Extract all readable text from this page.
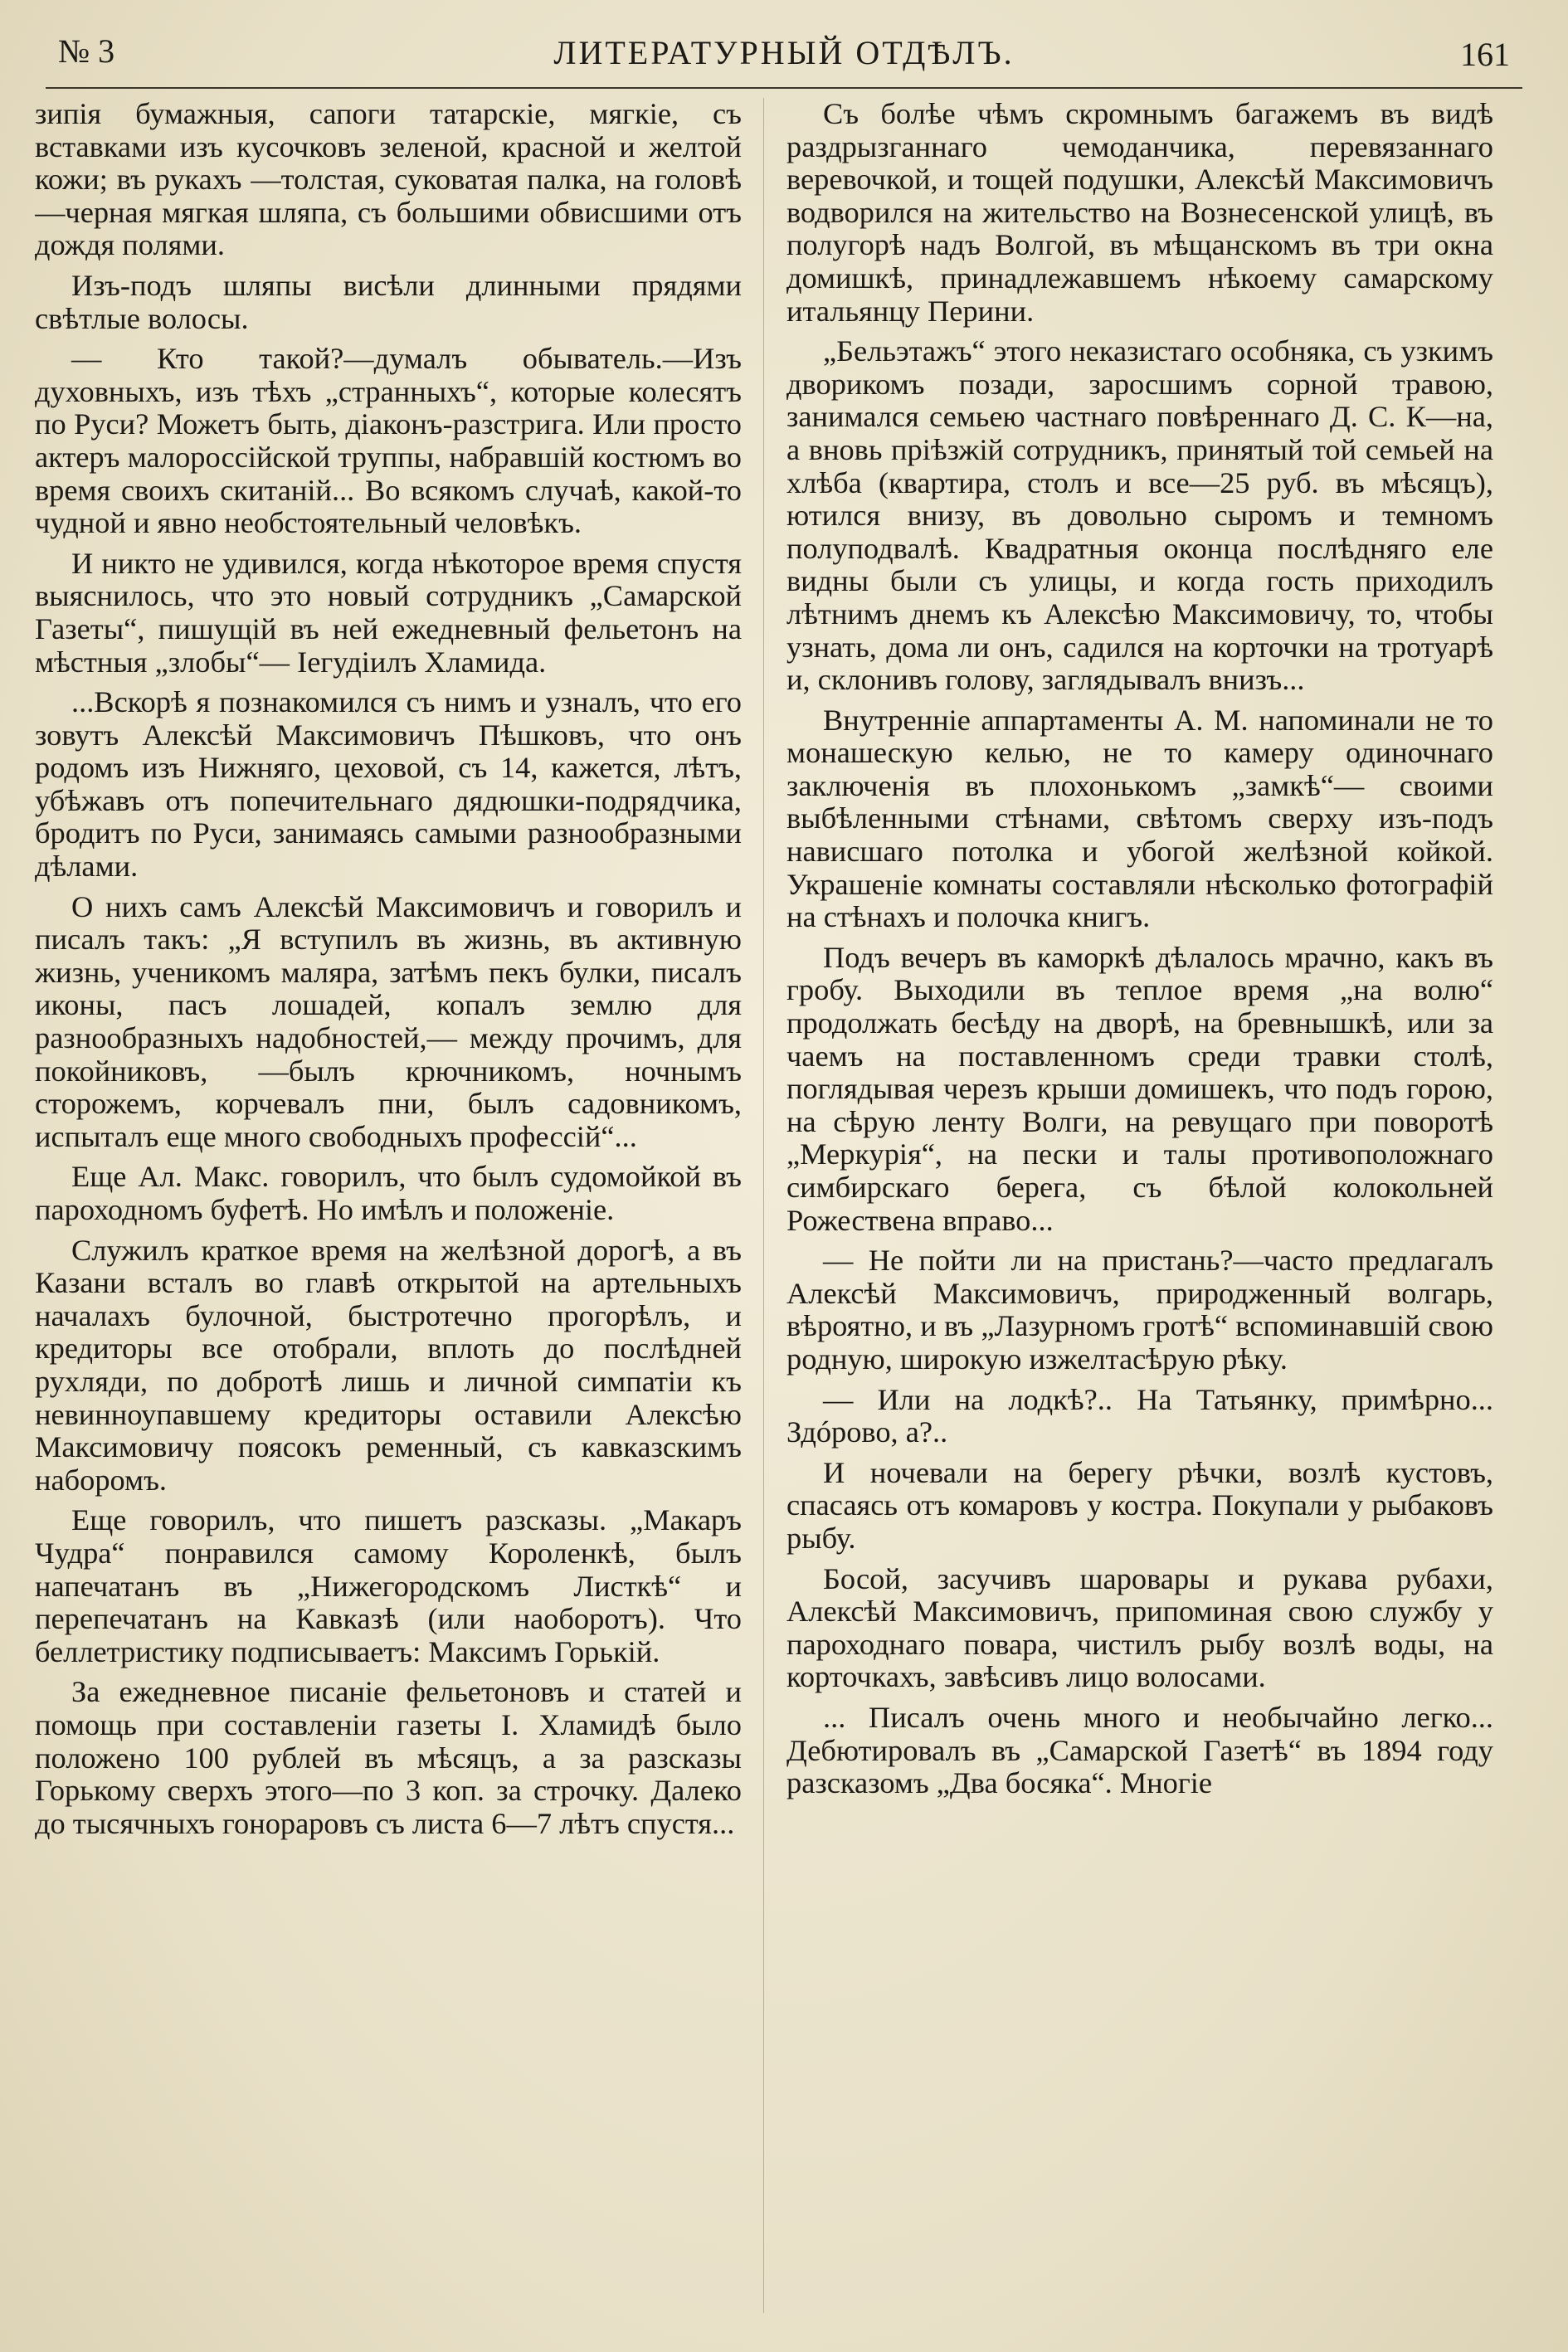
№ 3	ЛИТЕРАТУРНЫЙ ОТДѢЛЪ.	161

зипія бумажныя, сапоги татарскіе, мягкіе, съ вставками изъ кусочковъ зеленой, красной и желтой кожи; въ рукахъ —толстая, суковатая палка, на головѣ—черная мягкая шляпа, съ большими обвисшими отъ дождя полями.

Изъ-подъ шляпы висѣли длинными прядями свѣтлые волосы.

— Кто такой?—думалъ обыватель.—Изъ духовныхъ, изъ тѣхъ „странныхъ“, которые колесятъ по Руси? Можетъ быть, діаконъ-разстрига. Или просто актеръ малороссійской труппы, набравшій костюмъ во время своихъ скитаній... Во всякомъ случаѣ, какой-то чудной и явно необстоятельный человѣкъ.

И никто не удивился, когда нѣкоторое время спустя выяснилось, что это новый сотрудникъ „Самарской Газеты“, пишущій въ ней ежедневный фельетонъ на мѣстныя „злобы“— Іегудіилъ Хламида.

...Вскорѣ я познакомился съ нимъ и узналъ, что его зовутъ Алексѣй Максимовичъ Пѣшковъ, что онъ родомъ изъ Нижняго, цеховой, съ 14, кажется, лѣтъ, убѣжавъ отъ попечительнаго дядюшки-подрядчика, бродитъ по Руси, занимаясь самыми разнообразными дѣлами.

О нихъ самъ Алексѣй Максимовичъ и говорилъ и писалъ такъ: „Я вступилъ въ жизнь, въ активную жизнь, ученикомъ маляра, затѣмъ пекъ булки, писалъ иконы, пасъ лошадей, копалъ землю для разнообразныхъ надобностей,— между прочимъ, для покойниковъ, —былъ крючникомъ, ночнымъ сторожемъ, корчевалъ пни, былъ садовникомъ, испыталъ еще много свободныхъ профессій“...

Еще Ал. Макс. говорилъ, что былъ судомойкой въ пароходномъ буфетѣ. Но имѣлъ и положеніе.

Служилъ краткое время на желѣзной дорогѣ, а въ Казани всталъ во главѣ открытой на артельныхъ началахъ булочной, быстротечно прогорѣлъ, и кредиторы все отобрали, вплоть до послѣдней рухляди, по добротѣ лишь и личной симпатіи къ невинноупавшему кредиторы оставили Алексѣю Максимовичу поясокъ ременный, съ кавказскимъ наборомъ.

Еще говорилъ, что пишетъ разсказы. „Макаръ Чудра“ понравился самому Короленкѣ, былъ напечатанъ въ „Нижегородскомъ Листкѣ“ и перепечатанъ на Кавказѣ (или наоборотъ). Что беллетристику подписываетъ: Максимъ Горькій.

За ежедневное писаніе фельетоновъ и статей и помощь при составленіи газеты І. Хламидѣ было положено 100 рублей въ мѣсяцъ, а за разсказы Горькому сверхъ этого—по 3 коп. за строчку. Далеко до тысячныхъ гонораровъ съ листа 6—7 лѣтъ спустя...

Съ болѣе чѣмъ скромнымъ багажемъ въ видѣ раздрызганнаго чемоданчика, перевязаннаго веревочкой, и тощей подушки, Алексѣй Максимовичъ водворился на жительство на Вознесенской улицѣ, въ полугорѣ надъ Волгой, въ мѣщанскомъ въ три окна домишкѣ, принадлежавшемъ нѣкоему самарскому итальянцу Перини.

„Бельэтажъ“ этого неказистаго особняка, съ узкимъ дворикомъ позади, заросшимъ сорной травою, занимался семьею частнаго повѣреннаго Д. С. К—на, а вновь пріѣзжій сотрудникъ, принятый той семьей на хлѣба (квартира, столъ и все—25 руб. въ мѣсяцъ), ютился внизу, въ довольно сыромъ и темномъ полуподвалѣ. Квадратныя оконца послѣдняго еле видны были съ улицы, и когда гость приходилъ лѣтнимъ днемъ къ Алексѣю Максимовичу, то, чтобы узнать, дома ли онъ, садился на корточки на тротуарѣ и, склонивъ голову, заглядывалъ внизъ...

Внутренніе аппартаменты А. М. напоминали не то монашескую келью, не то камеру одиночнаго заключенія въ плохонькомъ „замкѣ“— своими выбѣленными стѣнами, свѣтомъ сверху изъ-подъ нависшаго потолка и убогой желѣзной койкой. Украшеніе комнаты составляли нѣсколько фотографій на стѣнахъ и полочка книгъ.

Подъ вечеръ въ каморкѣ дѣлалось мрачно, какъ въ гробу. Выходили въ теплое время „на волю“ продолжать бесѣду на дворѣ, на бревнышкѣ, или за чаемъ на поставленномъ среди травки столѣ, поглядывая черезъ крыши домишекъ, что подъ горою, на сѣрую ленту Волги, на ревущаго при поворотѣ „Меркурія“, на пески и талы противоположнаго симбирскаго берега, съ бѣлой колокольней Рожествена вправо...

— Не пойти ли на пристань?—часто предлагалъ Алексѣй Максимовичъ, природженный волгарь, вѣроятно, и въ „Лазурномъ гротѣ“ вспоминавшій свою родную, широкую изжелтасѣрую рѣку.

— Или на лодкѣ?.. На Татьянку, примѣрно... Здóрово, а?..

И ночевали на берегу рѣчки, возлѣ кустовъ, спасаясь отъ комаровъ у костра. Покупали у рыбаковъ рыбу.

Босой, засучивъ шаровары и рукава рубахи, Алексѣй Максимовичъ, припоминая свою службу у пароходнаго повара, чистилъ рыбу возлѣ воды, на корточкахъ, завѣсивъ лицо волосами.

... Писалъ очень много и необычайно легко... Дебютировалъ въ „Самарской Газетѣ“ въ 1894 году разсказомъ „Два босяка“. Многіе
